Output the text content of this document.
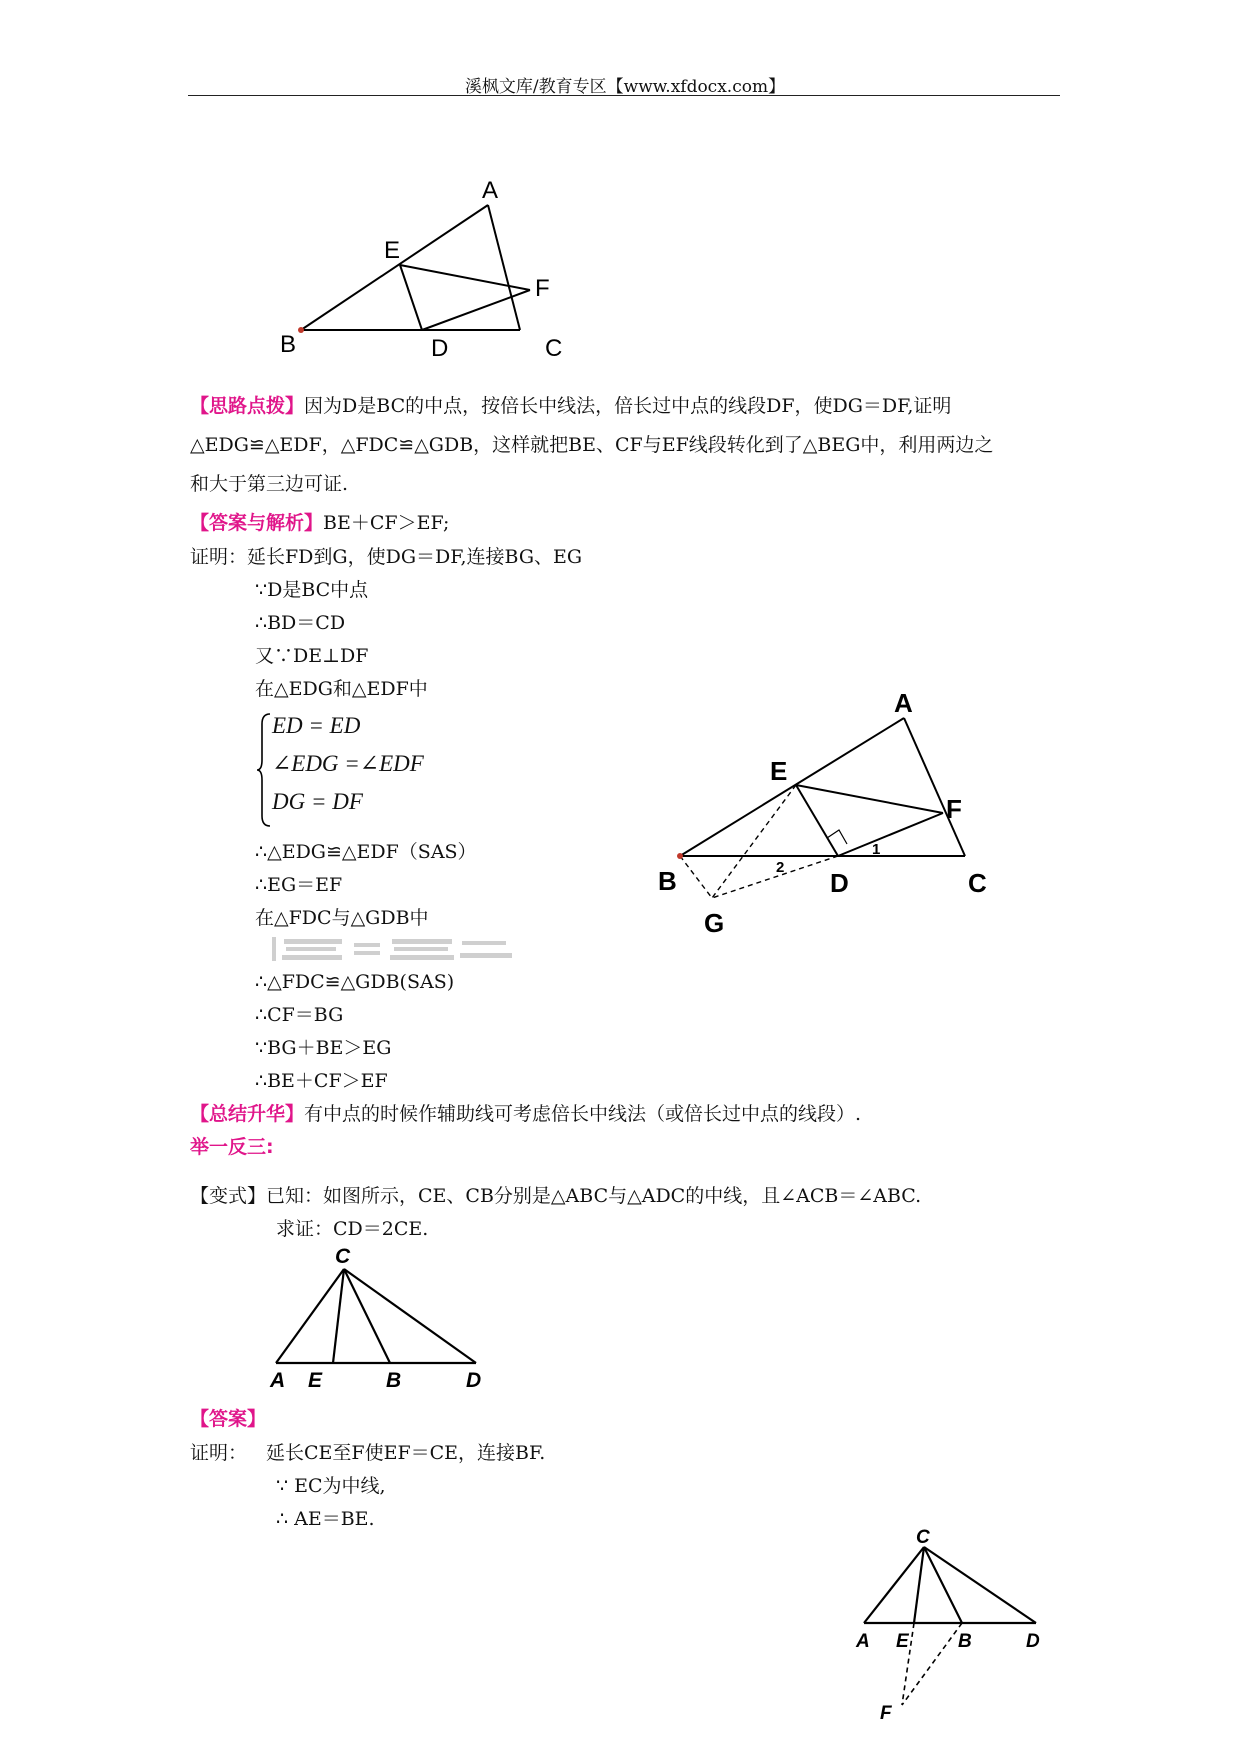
溪枫文库/教育专区【www.xfdocx.com】
A
E
F
B	D	C
【思路点拨】因为D是BC的中点，按倍长中线法，倍长过中点的线段DF，使DG＝DF,证明
△EDG≌△EDF，△FDC≌△GDB，这样就把BE、CF与EF线段转化到了△BEG中，利用两边之
和大于第三边可证.
【答案与解析】BE＋CF＞EF;
证明：延长FD到G，使DG＝DF,连接BG、EG
∵D是BC中点
∴BD＝CD
又∵DE⊥DF
在△EDG和△EDF中
ED = ED
∠EDG =∠EDF
DG = DF
∴△EDG≌△EDF（SAS）
∴EG＝EF
在△FDC与△GDB中
∴△FDC≌△GDB(SAS)
∴CF＝BG
∵BG＋BE＞EG
∴BE＋CF＞EF
A
E
F
B	D	C
G
2
1
【总结升华】有中点的时候作辅助线可考虑倍长中线法（或倍长过中点的线段）.
举一反三:
【变式】已知：如图所示，CE、CB分别是△ABC与△ADC的中线，且∠ACB＝∠ABC.
求证：CD＝2CE.
C
A E	B	D
【答案】
证明： 延长CE至F使EF＝CE，连接BF.
∵ EC为中线,
∴ AE＝BE.
C
A E	B	D
F
